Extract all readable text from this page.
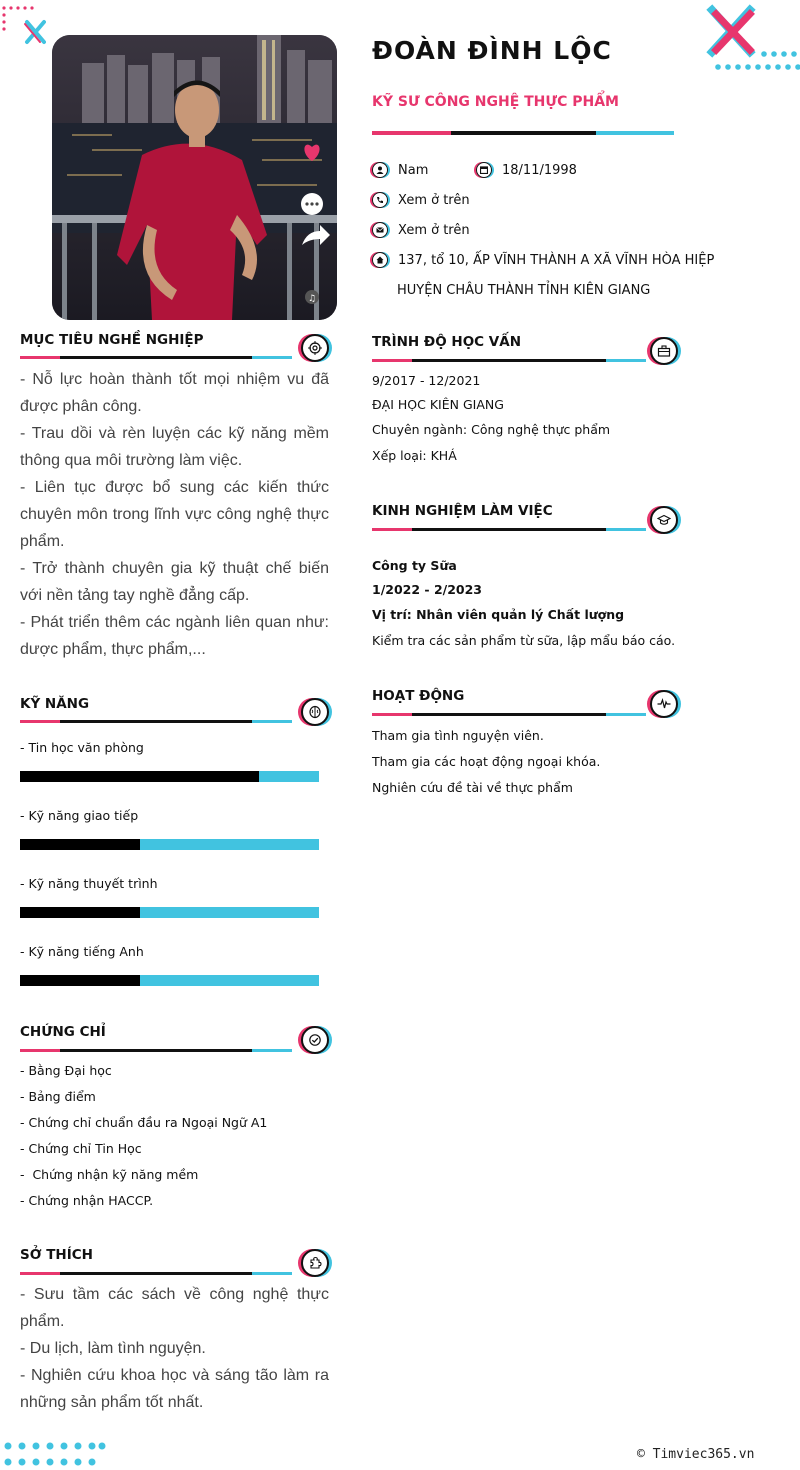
♫
ĐOÀN ĐÌNH LỘC
KỸ SƯ CÔNG NGHỆ THỰC PHẨM
Nam	18/11/1998
Xem ở trên
Xem ở trên
137, tổ 10, ẤP VĨNH THÀNH A XÃ VĨNH HÒA HIỆP
HUYỆN CHÂU THÀNH TỈNH KIÊN GIANG
MỤC TIÊU NGHỀ NGHIỆP
- Nỗ lực hoàn thành tốt mọi nhiệm vu đã được phân công.
- Trau dồi và rèn luyện các kỹ năng mềm thông qua môi trường làm việc.
- Liên tục được bổ sung các kiến thức chuyên môn trong lĩnh vực công nghệ thực phẩm.
- Trở thành chuyên gia kỹ thuật chế biến với nền tảng tay nghề đẳng cấp.
- Phát triển thêm các ngành liên quan như: dược phẩm, thực phẩm,...
KỸ NĂNG
- Tin học văn phòng
- Kỹ năng giao tiếp
- Kỹ năng thuyết trình
- Kỹ năng tiếng Anh
CHỨNG CHỈ
- Bằng Đại học
- Bảng điểm
- Chứng chỉ chuẩn đầu ra Ngoại Ngữ A1
- Chứng chỉ Tin Học
-  Chứng nhận kỹ năng mềm
- Chứng nhận HACCP.
SỞ THÍCH
- Sưu tầm các sách về công nghệ thực phẩm.
- Du lịch, làm tình nguyện.
- Nghiên cứu khoa học và sáng tão làm ra những sản phẩm tốt nhất.
TRÌNH ĐỘ HỌC VẤN
9/2017 - 12/2021
ĐẠI HỌC KIÊN GIANG
Chuyên ngành: Công nghệ thực phẩm
Xếp loại: KHÁ
KINH NGHIỆM LÀM VIỆC
Công ty Sữa
1/2022 - 2/2023
Vị trí: Nhân viên quản lý Chất lượng
Kiểm tra các sản phẩm từ sữa, lập mẩu báo cáo.
HOẠT ĐỘNG
Tham gia tình nguyện viên.
Tham gia các hoạt động ngoại khóa.
Nghiên cứu đề tài về thực phẩm
© Timviec365.vn
